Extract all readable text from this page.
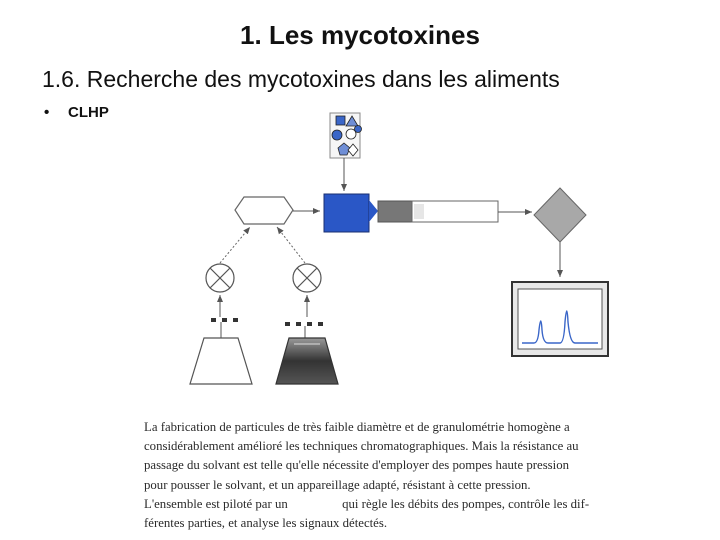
1. Les mycotoxines
1.6. Recherche des mycotoxines dans les aliments
• CLHP
La fabrication de particules de très faible diamètre et de granulométrie homogène a
considérablement amélioré les techniques chromatographiques. Mais la résistance au
passage du solvant est telle qu'elle nécessite d'employer des pompes haute pression
pour pousser le solvant, et un appareillage adapté, résistant à cette pression.
L'ensemble est piloté par un                 qui règle les débits des pompes, contrôle les dif-
férentes parties, et analyse les signaux détectés.
